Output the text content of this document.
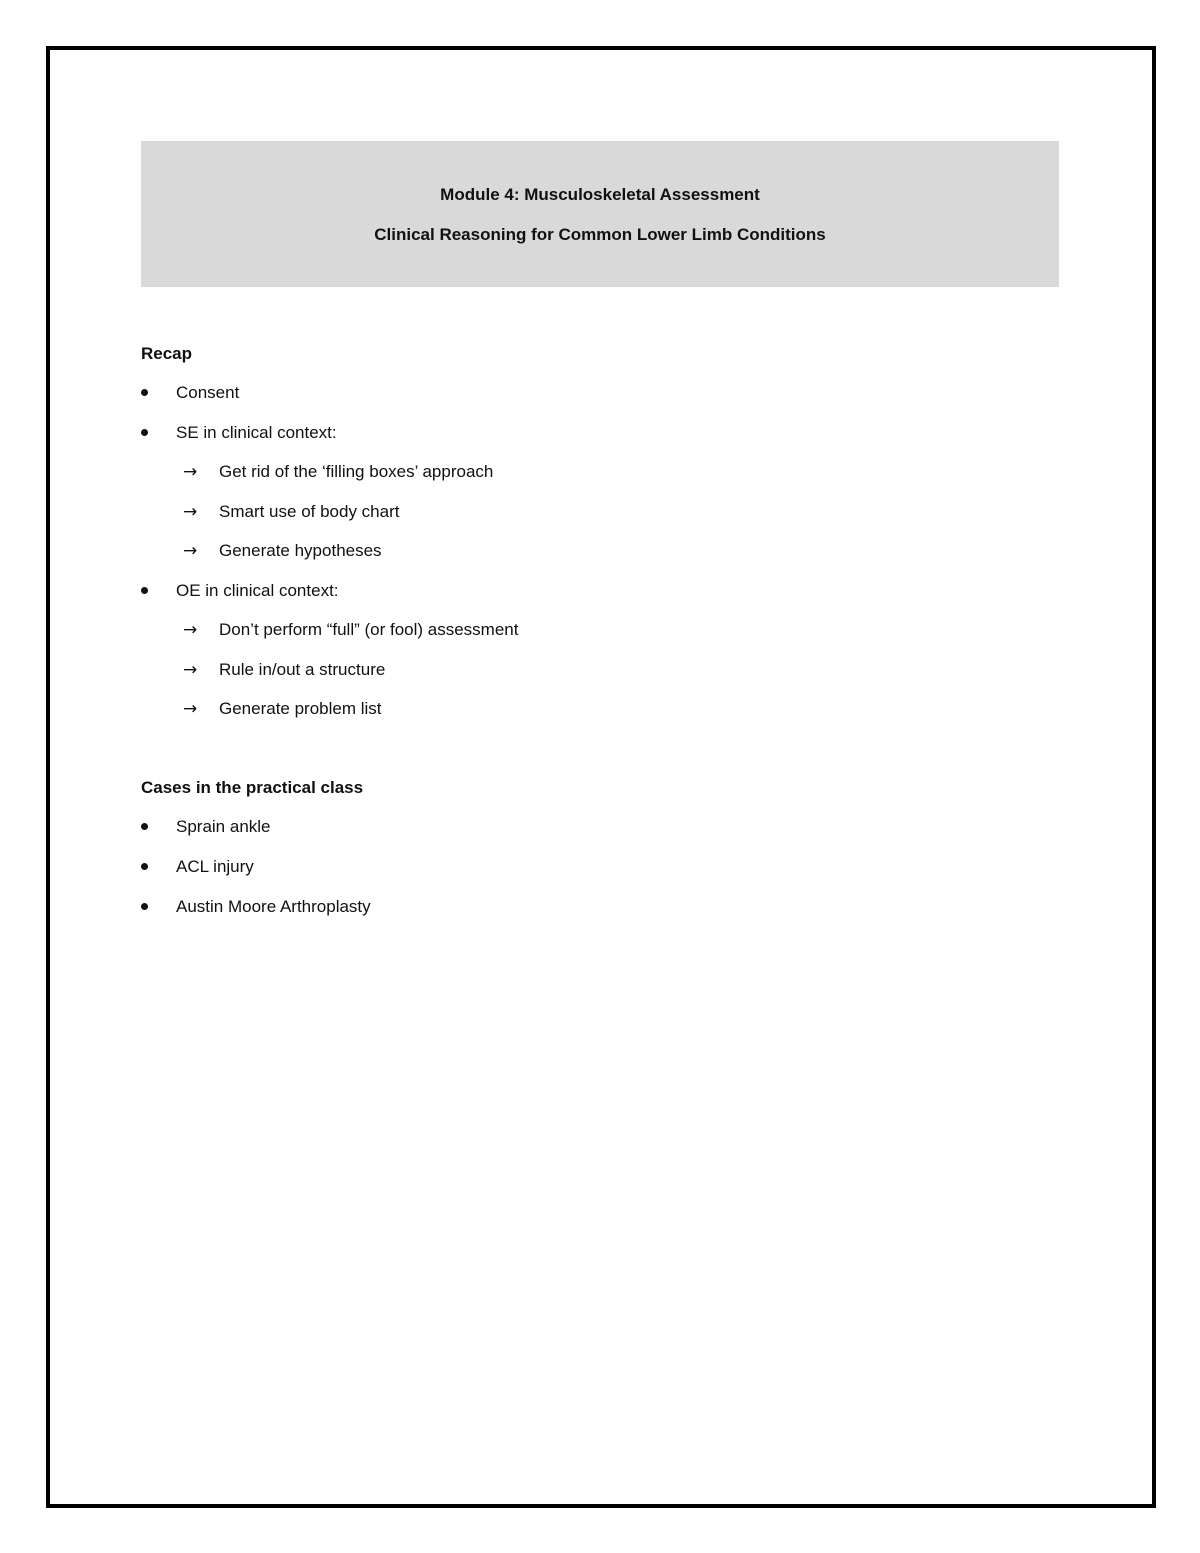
Module 4: Musculoskeletal Assessment
Clinical Reasoning for Common Lower Limb Conditions
Recap
Consent
SE in clinical context:
→ Get rid of the ‘filling boxes’ approach
→ Smart use of body chart
→ Generate hypotheses
OE in clinical context:
→ Don’t perform “full” (or fool) assessment
→ Rule in/out a structure
→ Generate problem list
Cases in the practical class
Sprain ankle
ACL injury
Austin Moore Arthroplasty
